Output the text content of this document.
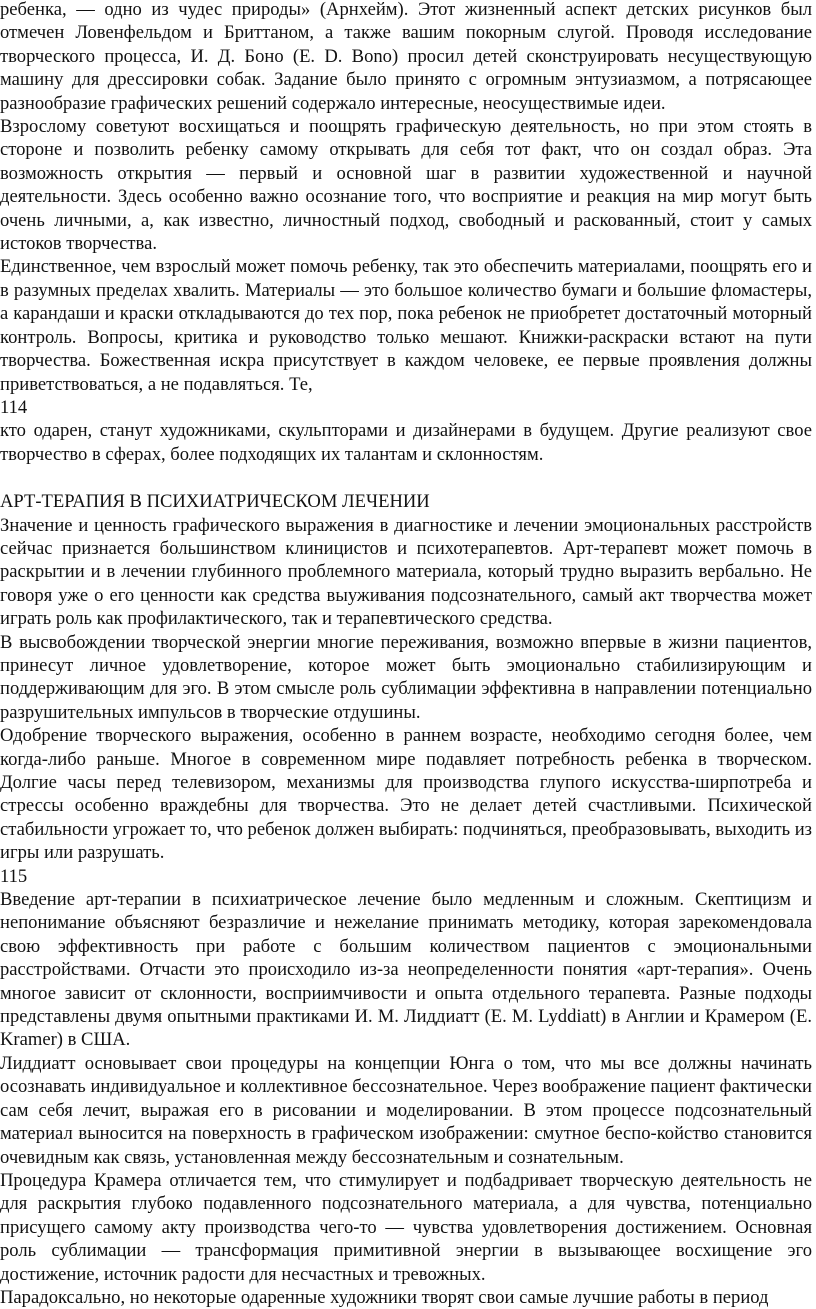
ребенка, — одно из чудес природы» (Арнхейм). Этот жизненный аспект детских рисунков был отмечен Ловенфельдом и Бриттаном, а также вашим покорным слугой. Проводя исследование творческого процесса, И. Д. Боно (Е. D. Bono) просил детей сконструировать несуществующую машину для дрессировки собак. Задание было принято с огромным энтузиазмом, а потрясающее разнообразие графических решений содержало интересные, неосуществимые идеи.

Взрослому советуют восхищаться и поощрять графическую деятельность, но при этом стоять в стороне и позволить ребенку самому открывать для себя тот факт, что он создал образ. Эта возможность открытия — первый и основной шаг в развитии художественной и научной деятельности. Здесь особенно важно осознание того, что восприятие и реакция на мир могут быть очень личными, а, как известно, личностный подход, свободный и раскованный, стоит у самых истоков творчества.

Единственное, чем взрослый может помочь ребенку, так это обеспечить материалами, поощрять его и в разумных пределах хвалить. Материалы — это большое количество бумаги и большие фломастеры, а карандаши и краски откладываются до тех пор, пока ребенок не приобретет достаточный моторный контроль. Вопросы, критика и руководство только мешают. Книжки-раскраски встают на пути творчества. Божественная искра присутствует в каждом человеке, ее первые проявления должны приветствоваться, а не подавляться. Те,

114

кто одарен, станут художниками, скульпторами и дизайнерами в будущем. Другие реализуют свое творчество в сферах, более подходящих их талантам и склонностям.

АРТ-ТЕРАПИЯ В ПСИХИАТРИЧЕСКОМ ЛЕЧЕНИИ

Значение и ценность графического выражения в диагностике и лечении эмоциональных расстройств сейчас признается большинством клиницистов и психотерапевтов. Арт-терапевт может помочь в раскрытии и в лечении глубинного проблемного материала, который трудно выразить вербально. Не говоря уже о его ценности как средства выуживания подсознательного, самый акт творчества может играть роль как профилактического, так и терапевтического средства.

В высвобождении творческой энергии многие переживания, возможно впервые в жизни пациентов, принесут личное удовлетворение, которое может быть эмоционально стабилизирующим и поддерживающим для эго. В этом смысле роль сублимации эффективна в направлении потенциально разрушительных импульсов в творческие отдушины.

Одобрение творческого выражения, особенно в раннем возрасте, необходимо сегодня более, чем когда-либо раньше. Многое в современном мире подавляет потребность ребенка в творческом. Долгие часы перед телевизором, механизмы для производства глупого искусства-ширпотреба и стрессы особенно враждебны для творчества. Это не делает детей счастливыми. Психической стабильности угрожает то, что ребенок должен выбирать: подчиняться, преобразовывать, выходить из игры или разрушать.

115

Введение арт-терапии в психиатрическое лечение было медленным и сложным. Скептицизм и непонимание объясняют безразличие и нежелание принимать методику, которая зарекомендовала свою эффективность при работе с большим количеством пациентов с эмоциональными расстройствами. Отчасти это происходило из-за неопределенности понятия «арт-терапия». Очень многое зависит от склонности, восприимчивости и опыта отдельного терапевта. Разные подходы представлены двумя опытными практиками И. М. Лиддиатт (Е. М. Lyddiatt) в Англии и Крамером (E. Kramer) в США.

Лиддиатт основывает свои процедуры на концепции Юнга о том, что мы все должны начинать осознавать индивидуальное и коллективное бессознательное. Через воображение пациент фактически сам себя лечит, выражая его в рисовании и моделировании. В этом процессе подсознательный материал выносится на поверхность в графическом изображении: смутное беспо-койство становится очевидным как связь, установленная между бессознательным и сознательным.

Процедура Крамера отличается тем, что стимулирует и подбадривает творческую деятельность не для раскрытия глубоко подавленного подсознательного материала, а для чувства, потенциально присущего самому акту производства чего-то — чувства удовлетворения достижением. Основная роль сублимации — трансформация примитивной энергии в вызывающее восхищение эго достижение, источник радости для несчастных и тревожных.

Парадоксально, но некоторые одаренные художники творят свои самые лучшие работы в период
